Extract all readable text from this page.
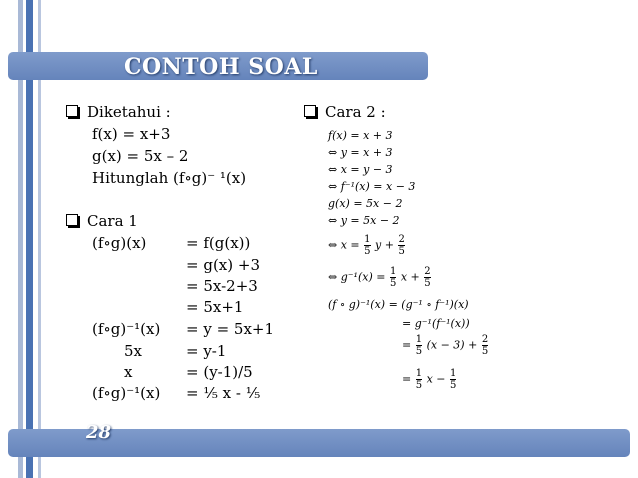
CONTOH SOAL
28
Diketahui :
f(x) = x+3
g(x) = 5x – 2
Hitunglah (f∘g)⁻ ¹(x)
Cara 1
(f∘g)(x)	= f(g(x))
= g(x) +3
= 5x-2+3
= 5x+1
(f∘g)⁻¹(x) = y = 5x+1
5x	= y-1
x	= (y-1)/5
(f∘g)⁻¹(x) = ⅕ x - ⅕
Cara 2 :
f(x) = x + 3
⇔ y = x + 3
⇔ x = y − 3
⇔ f⁻¹(x) = x − 3
g(x) = 5x − 2
⇔ y = 5x − 2
⇔ $x = \frac{1}{5}$ $y + \frac{2}{5}$
⇔ $g^{-1}(x) = \frac{1}{5}$ $x + \frac{2}{5}$
(f ∘ g)⁻¹(x) = (g⁻¹ ∘ f⁻¹)(x)
= g⁻¹(f⁻¹(x))
= $\frac{1}{5} (x - 3) + \frac{2}{5}$
= $\frac{1}{5}$ $x - \frac{1}{5}$
